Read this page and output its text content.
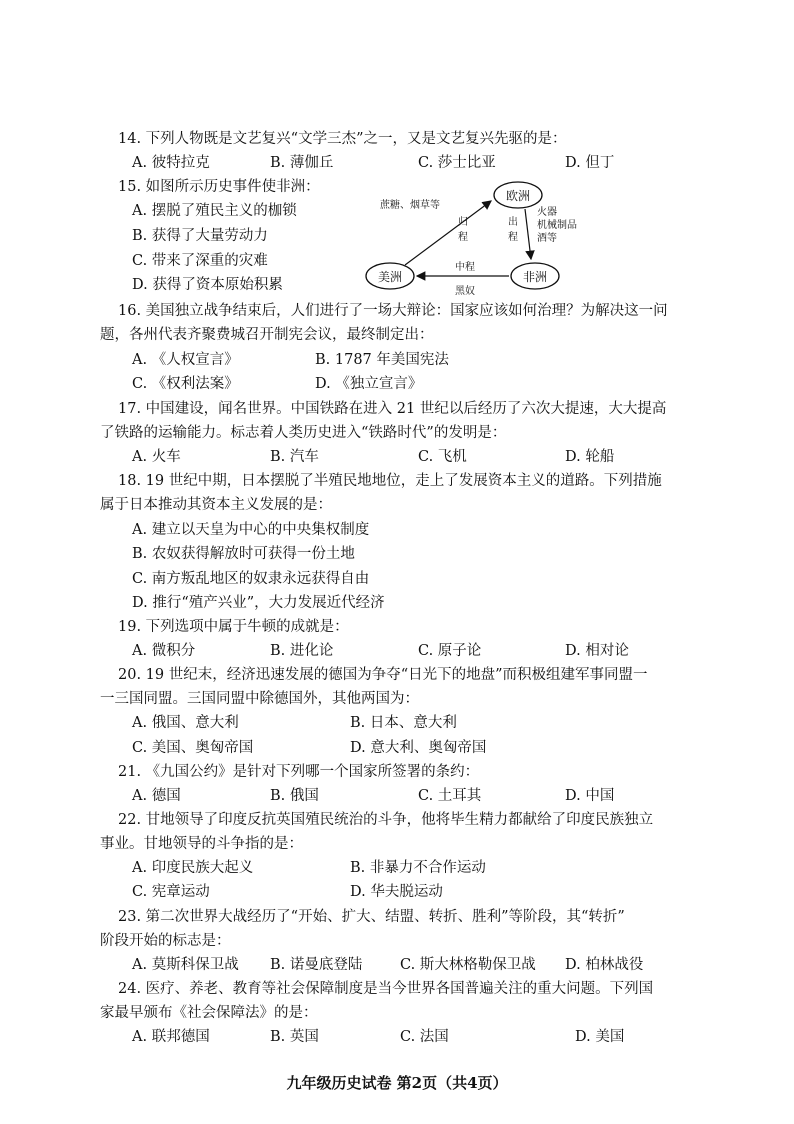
14. 下列人物既是文艺复兴“文学三杰”之一，又是文艺复兴先驱的是：
A. 彼特拉克	B. 薄伽丘	C. 莎士比亚	D. 但丁
15. 如图所示历史事件使非洲：
A. 摆脱了殖民主义的枷锁
B. 获得了大量劳动力
C. 带来了深重的灾难
D. 获得了资本原始积累
欧洲
美洲	非洲
蔗糖、烟草等
归
程
出
程
火器
机械制品
酒等
中程
黑奴
16. 美国独立战争结束后，人们进行了一场大辩论：国家应该如何治理？为解决这一问
题，各州代表齐聚费城召开制宪会议，最终制定出：
A. 《人权宣言》	B. 1787 年美国宪法
C. 《权利法案》	D. 《独立宣言》
17. 中国建设，闻名世界。中国铁路在进入 21 世纪以后经历了六次大提速，大大提高
了铁路的运输能力。标志着人类历史进入“铁路时代”的发明是：
A. 火车	B. 汽车	C. 飞机	D. 轮船
18. 19 世纪中期，日本摆脱了半殖民地地位，走上了发展资本主义的道路。下列措施
属于日本推动其资本主义发展的是：
A. 建立以天皇为中心的中央集权制度
B. 农奴获得解放时可获得一份土地
C. 南方叛乱地区的奴隶永远获得自由
D. 推行“殖产兴业”，大力发展近代经济
19. 下列选项中属于牛顿的成就是：
A. 微积分	B. 进化论	C. 原子论	D. 相对论
20. 19 世纪末，经济迅速发展的德国为争夺“日光下的地盘”而积极组建军事同盟一
一三国同盟。三国同盟中除德国外，其他两国为：
A. 俄国、意大利	B. 日本、意大利
C. 美国、奥匈帝国	D. 意大利、奥匈帝国
21. 《九国公约》是针对下列哪一个国家所签署的条约：
A. 德国	B. 俄国	C. 土耳其	D. 中国
22. 甘地领导了印度反抗英国殖民统治的斗争，他将毕生精力都献给了印度民族独立
事业。甘地领导的斗争指的是：
A. 印度民族大起义	B. 非暴力不合作运动
C. 宪章运动	D. 华夫脱运动
23. 第二次世界大战经历了“开始、扩大、结盟、转折、胜利”等阶段，其“转折”
阶段开始的标志是：
A. 莫斯科保卫战 B. 诺曼底登陆	C. 斯大林格勒保卫战 D. 柏林战役
24. 医疗、养老、教育等社会保障制度是当今世界各国普遍关注的重大问题。下列国
家最早颁布《社会保障法》的是：
A. 联邦德国	B. 英国	C. 法国	D. 美国
九年级历史试卷 第2页（共4页）
